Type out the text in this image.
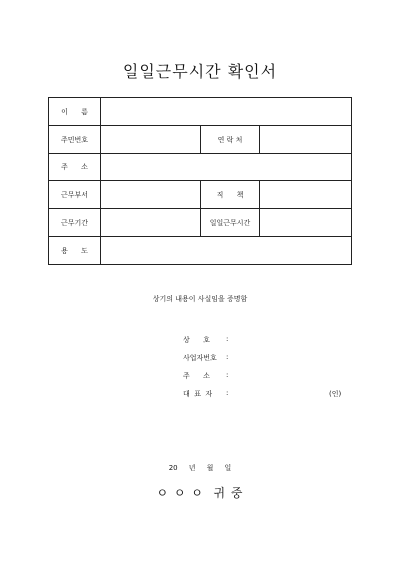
일일근무시간 확인서
이      름			
주민번호		연 락 처	
주      소			
근무부서		직      책	
근무기간		일일근무시간	
용      도			
상기의 내용이 사실임을 증명함
상      호 :
사업자번호 :
주      소 :
대  표  자 :	(인)
20     년     월     일
ㅇ ㅇ ㅇ  귀 중
